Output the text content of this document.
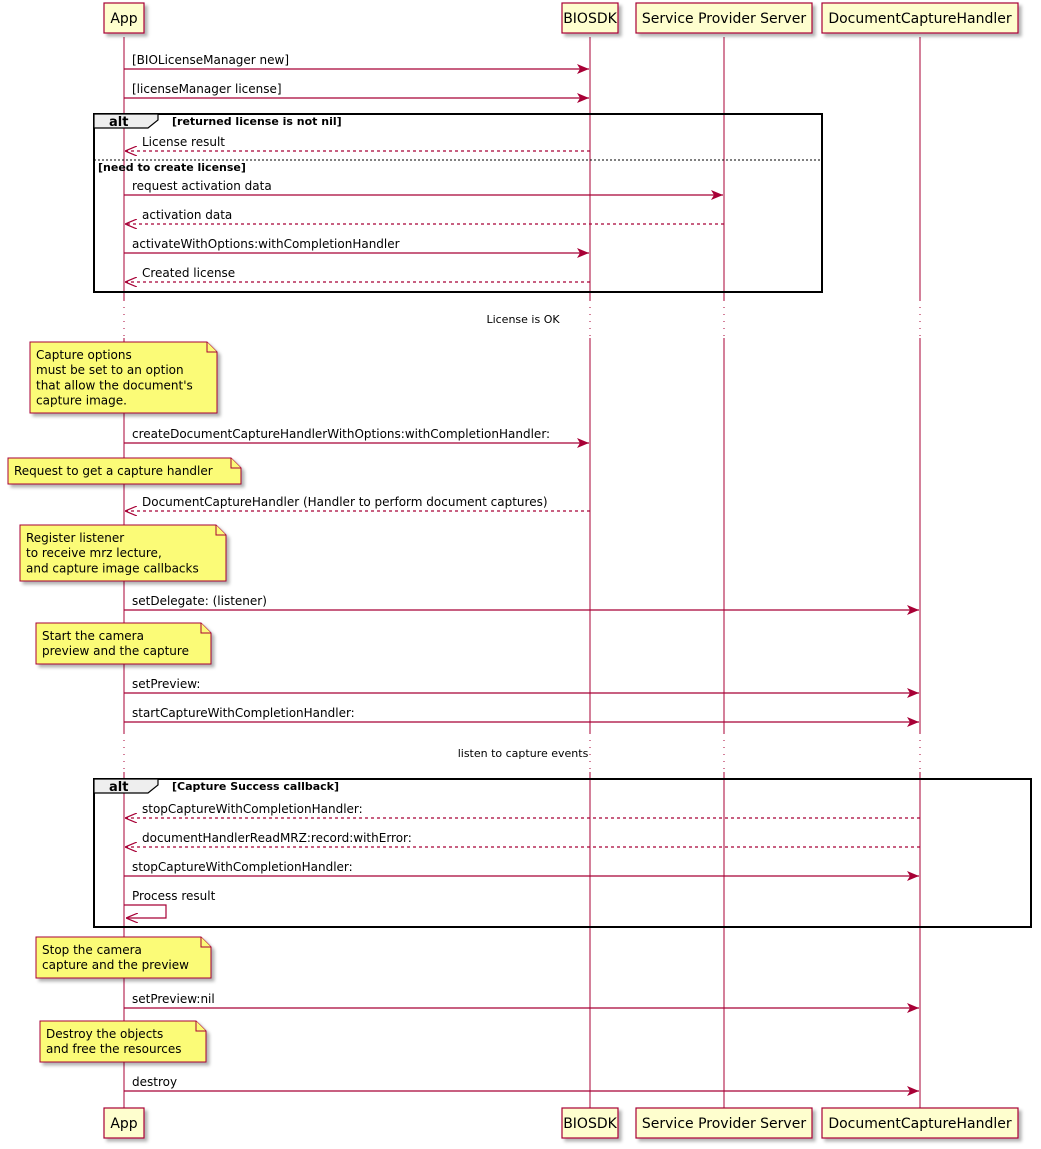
App
App
BIOSDK
BIOSDK
Service Provider Server
Service Provider Server
DocumentCaptureHandler
DocumentCaptureHandler
alt	[returned license is not nil]
[need to create license]
alt	[Capture Success callback]
[BIOLicenseManager new]
[licenseManager license]
License result
request activation data
activation data
activateWithOptions:withCompletionHandler
Created license
createDocumentCaptureHandlerWithOptions:withCompletionHandler:
DocumentCaptureHandler (Handler to perform document captures)
setDelegate: (listener)
setPreview:
startCaptureWithCompletionHandler:
stopCaptureWithCompletionHandler:
documentHandlerReadMRZ:record:withError:
stopCaptureWithCompletionHandler:
Process result
setPreview:nil
destroy
License is OK
listen to capture events
Capture options
must be set to an option
that allow the document's
capture image.
Request to get a capture handler
Register listener
to receive mrz lecture,
and capture image callbacks
Start the camera
preview and the capture
Stop the camera
capture and the preview
Destroy the objects
and free the resources
